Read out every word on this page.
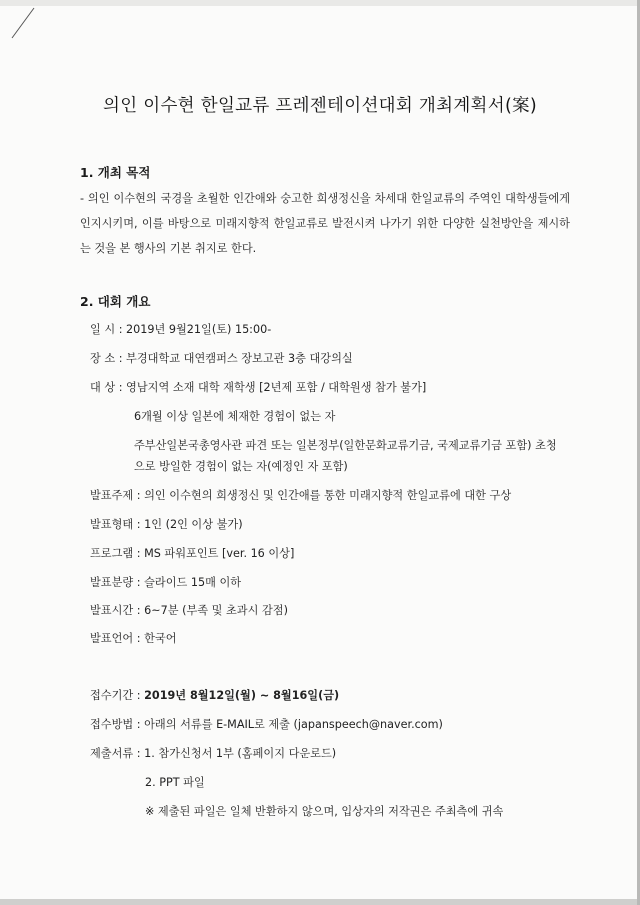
의인 이수현 한일교류 프레젠테이션대회 개최계획서(案)
1. 개최 목적
- 의인 이수현의 국경을 초월한 인간애와 숭고한 희생정신을 차세대 한일교류의 주역인 대학생들에게 인지시키며, 이를 바탕으로 미래지향적 한일교류로 발전시켜 나가기 위한 다양한 실천방안을 제시하는 것을 본 행사의 기본 취지로 한다.
2. 대회 개요
일 시 : 2019년 9월21일(토) 15:00-
장 소 : 부경대학교 대연캠퍼스 장보고관 3층 대강의실
대 상 : 영남지역 소재 대학 재학생 [2년제 포함 / 대학원생 참가 불가]
6개월 이상 일본에 체재한 경험이 없는 자
주부산일본국총영사관 파견 또는 일본정부(일한문화교류기금, 국제교류기금 포함) 초청
으로 방일한 경험이 없는 자(예정인 자 포함)
발표주제 : 의인 이수현의 희생정신 및 인간애를 통한 미래지향적 한일교류에 대한 구상
발표형태 : 1인 (2인 이상 불가)
프로그램 : MS 파워포인트 [ver. 16 이상]
발표분량 : 슬라이드 15매 이하
발표시간 : 6~7분 (부족 및 초과시 감점)
발표언어 : 한국어
접수기간 : 2019년 8월12일(월) ~ 8월16일(금)
접수방법 : 아래의 서류를 E-MAIL로 제출 (japanspeech@naver.com)
제출서류 : 1. 참가신청서 1부 (홈페이지 다운로드)
2. PPT 파일
※ 제출된 파일은 일체 반환하지 않으며, 입상자의 저작권은 주최측에 귀속
